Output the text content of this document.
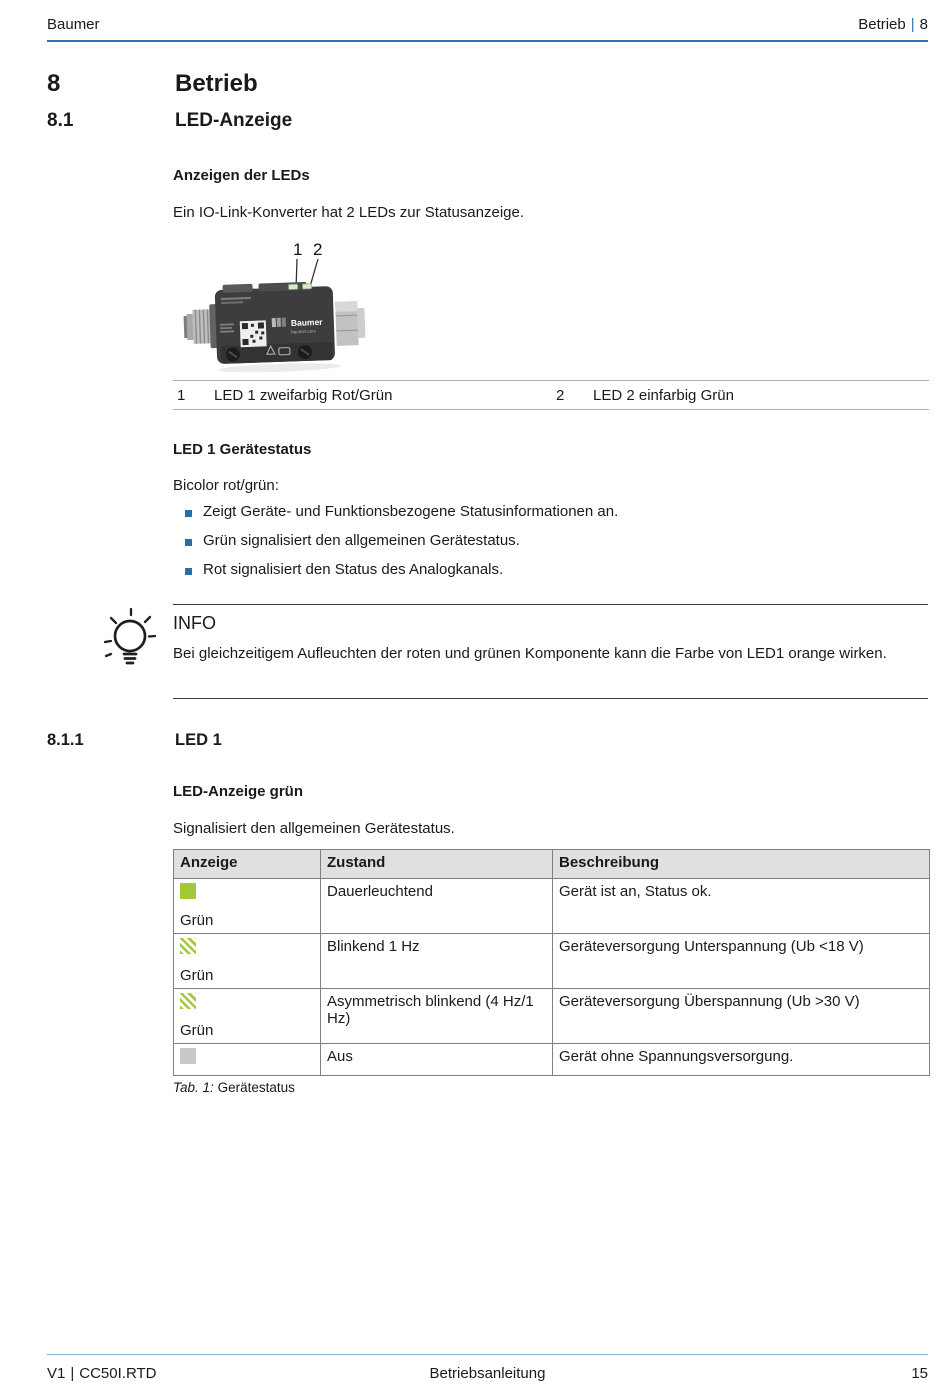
Baumer	Betrieb | 8
8	Betrieb
8.1	LED-Anzeige
Anzeigen der LEDs
Ein IO-Link-Konverter hat 2 LEDs zur Statusanzeige.
1 2
Baumer
baumer.com
1	LED 1 zweifarbig Rot/Grün	2	LED 2 einfarbig Grün
LED 1 Gerätestatus
Bicolor rot/grün:
Zeigt Geräte- und Funktionsbezogene Statusinformationen an.
Grün signalisiert den allgemeinen Gerätestatus.
Rot signalisiert den Status des Analogkanals.
INFO
Bei gleichzeitigem Aufleuchten der roten und grünen Komponente kann die Farbe von LED1 orange wirken.
8.1.1	LED 1
LED-Anzeige grün
Signalisiert den allgemeinen Gerätestatus.
Anzeige	Zustand	Beschreibung

Grün	Dauerleuchtend	Gerät ist an, Status ok.

Grün	Blinkend 1 Hz	Geräteversorgung Unterspannung (Ub <18 V)

Grün	Asymmetrisch blinkend (4 Hz/1 Hz)	Geräteversorgung Überspannung (Ub >30 V)

	Aus	Gerät ohne Spannungsversorgung.
Tab. 1: Gerätestatus
V1 | CC50I.RTD	Betriebsanleitung	15
